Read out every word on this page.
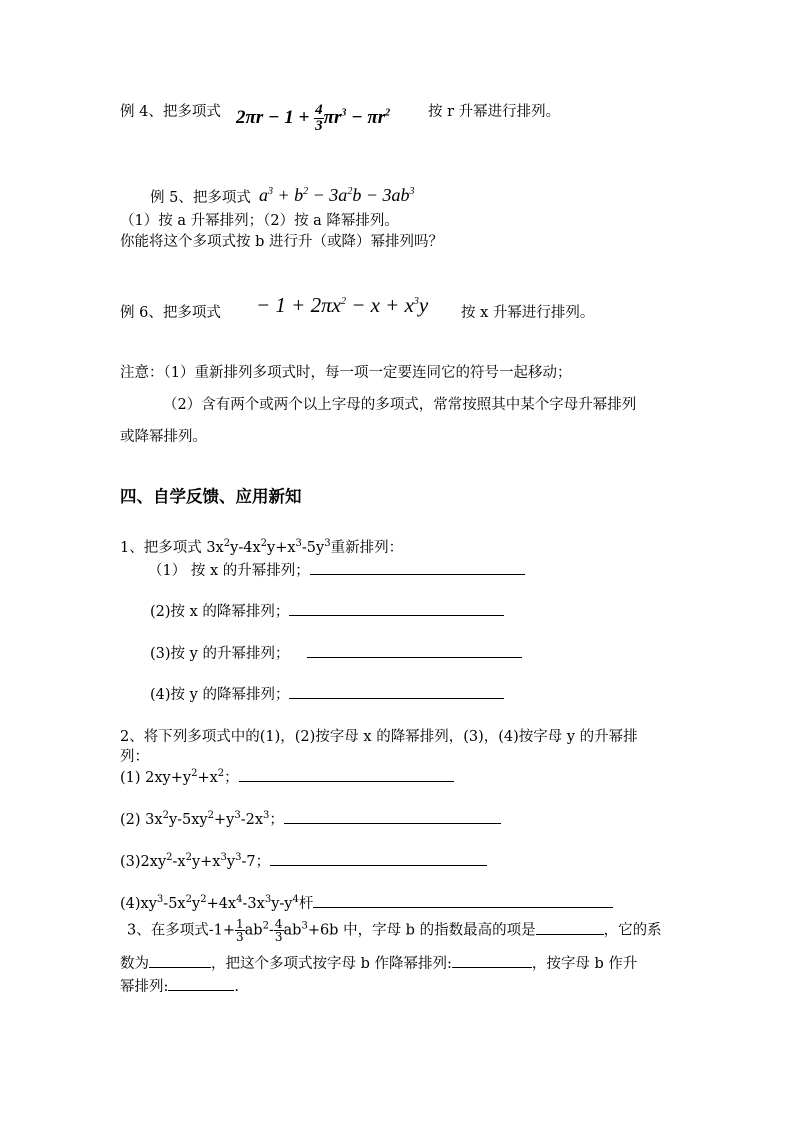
例 4、把多项式 $2\pi r - 1 + \frac{4}{3} \pi r^3 - \pi r^2$	按 r 升幂进行排列。
例 5、把多项式 $a^3 + b^2 - 3a^2b - 3ab^3$
（1）按 a 升幂排列；（2）按 a 降幂排列。
你能将这个多项式按 b 进行升（或降）幂排列吗？
例 6、把多项式 − $1 + 2\pi x^2 - x + x^3y$ 按 x 升幂进行排列。
注意：（1）重新排列多项式时，每一项一定要连同它的符号一起移动；
（2）含有两个或两个以上字母的多项式，常常按照其中某个字母升幂排列
或降幂排列。
四、自学反馈、应用新知
1、把多项式 $3x^2y-4x^2y+x^3-5y^3$重新排列：
（1） 按 x 的升幂排列；
(2)按 x 的降幂排列；
(3)按 y 的升幂排列；
(4)按 y 的降幂排列；
2、将下列多项式中的(1)，(2)按字母 x 的降幂排列，(3)，(4)按字母 y 的升幂排
列：
(1) $2xy+y^2+x^2$；
(2) $3x^2y-5xy^2+y^3-2x^3$；
$(3)2xy^2-x^2y+x^3y^3-7$；
$(4)xy^3-5x^2y^2+4x^4-3x^3y-y^4$杆
3、在多项式$-1+ \frac{1}{3} ab^2- \frac{4}{3} ab^3+6b$ 中，字母 b 的指数最高的项是	，它的系
数为	，把这个多项式按字母 b 作降幂排列:	，按字母 b 作升
幂排列:	.
